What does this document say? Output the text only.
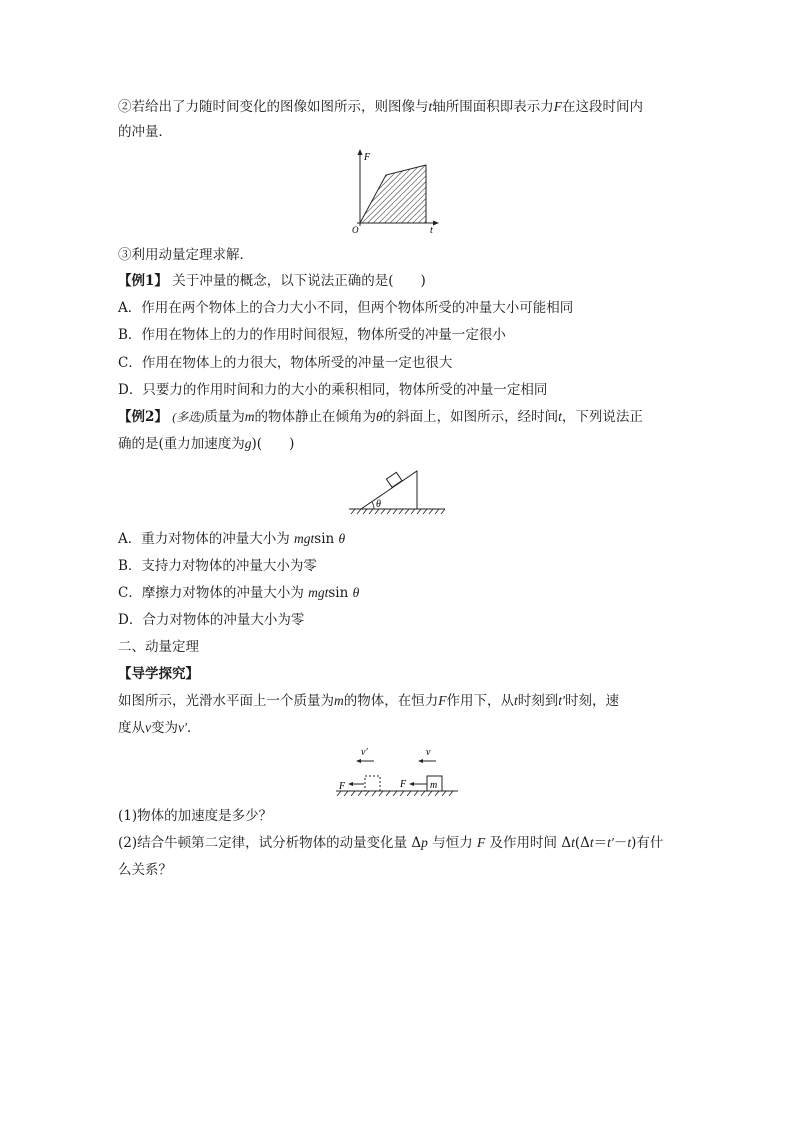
②若给出了力随时间变化的图像如图所示，则图像与t轴所围面积即表示力F在这段时间内
的冲量．
F
t
O
③利用动量定理求解．
【例1】 关于冲量的概念，以下说法正确的是(　　)
A．作用在两个物体上的合力大小不同，但两个物体所受的冲量大小可能相同
B．作用在物体上的力的作用时间很短，物体所受的冲量一定很小
C．作用在物体上的力很大，物体所受的冲量一定也很大
D．只要力的作用时间和力的大小的乘积相同，物体所受的冲量一定相同
【例2】 (多选)质量为m的物体静止在倾角为θ的斜面上，如图所示，经时间t，下列说法正
确的是(重力加速度为g)(　　)
θ
A．重力对物体的冲量大小为 mgtsin θ
B．支持力对物体的冲量大小为零
C．摩擦力对物体的冲量大小为 mgtsin θ
D．合力对物体的冲量大小为零
二、动量定理
【导学探究】
如图所示，光滑水平面上一个质量为m的物体，在恒力F作用下，从t时刻到t′时刻，速
度从v变为v′．
v′	v
F	F m
(1)物体的加速度是多少？
(2)结合牛顿第二定律，试分析物体的动量变化量 Δp 与恒力 F 及作用时间 Δt(Δt＝t′－t)有什
么关系？
